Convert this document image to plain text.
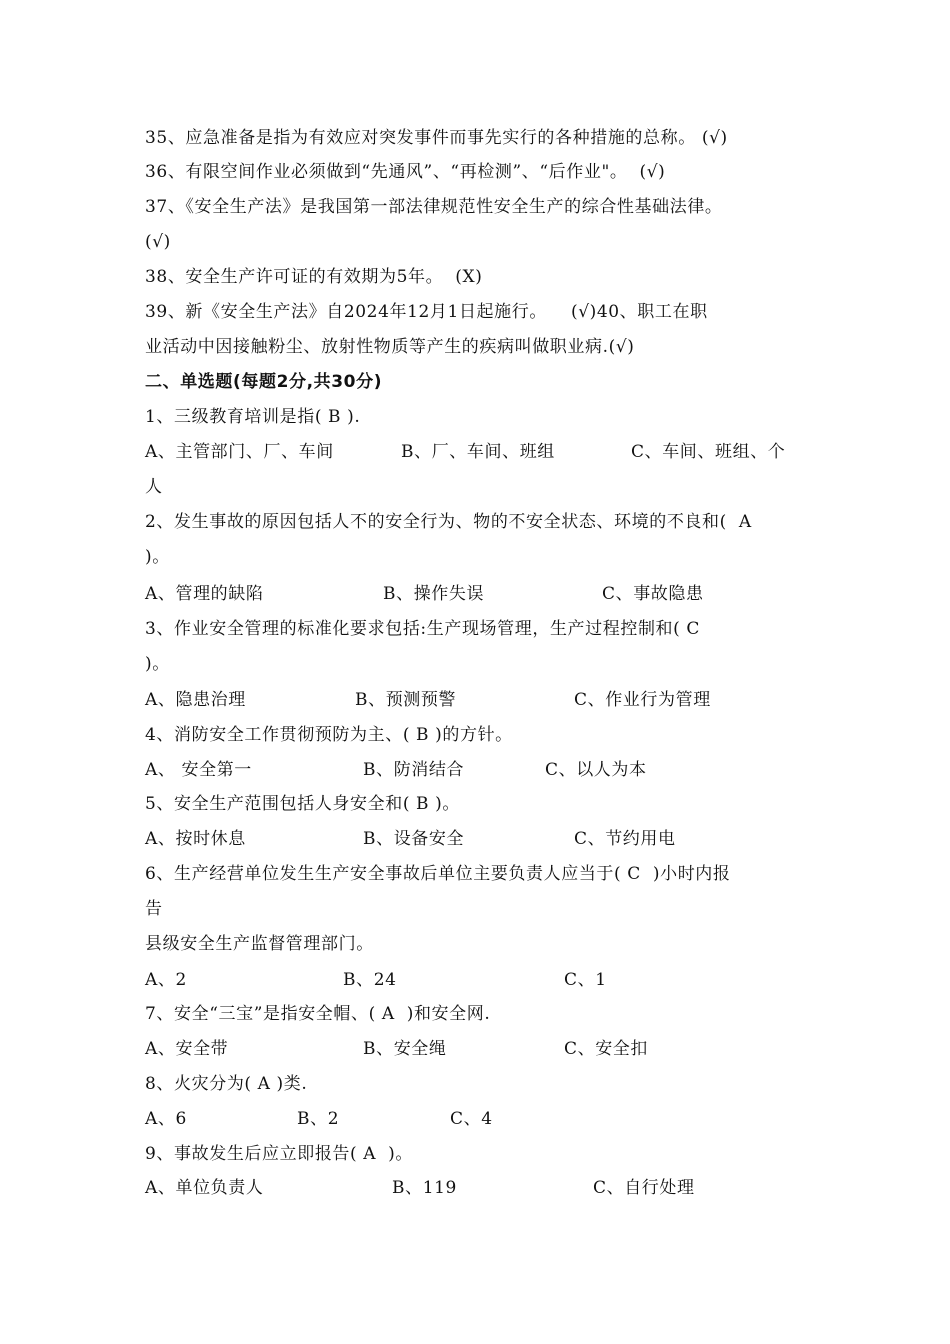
35、应急准备是指为有效应对突发事件而事先实行的各种措施的总称。 (√)
36、有限空间作业必须做到“先通风”、“再检测”、“后作业"。  (√)
37、《安全生产法》是我国第一部法律规范性安全生产的综合性基础法律。
(√)
38、安全生产许可证的有效期为5年。  (X)
39、新《安全生产法》自2024年12月1日起施行。    (√)40、职工在职
业活动中因接触粉尘、放射性物质等产生的疾病叫做职业病.(√)
二、单选题(每题2分,共30分)
1、三级教育培训是指( B ).

A、主管部门、厂、车间

	B、厂、车间、班组

	C、车间、班组、个

人
2、发生事故的原因包括人不的安全行为、物的不安全状态、环境的不良和(  A
)。

A、管理的缺陷

	B、操作失误

	C、事故隐患

3、作业安全管理的标准化要求包括:生产现场管理，生产过程控制和( C
)。

A、隐患治理

	B、预测预警

	C、作业行为管理

4、消防安全工作贯彻预防为主、( B )的方针。

A、 安全第一

	B、防消结合

	C、以人为本

5、安全生产范围包括人身安全和( B )。

A、按时休息

	B、设备安全

	C、节约用电

6、生产经营单位发生生产安全事故后单位主要负责人应当于( C  )小时内报
告
县级安全生产监督管理部门。

A、2

	B、24

	C、1

7、安全“三宝”是指安全帽、( A  )和安全网.

A、安全带

	B、安全绳

	C、安全扣

8、火灾分为( A )类.

A、6

	B、2

	C、4

9、事故发生后应立即报告( A  )。

A、单位负责人

	B、119

	C、自行处理
